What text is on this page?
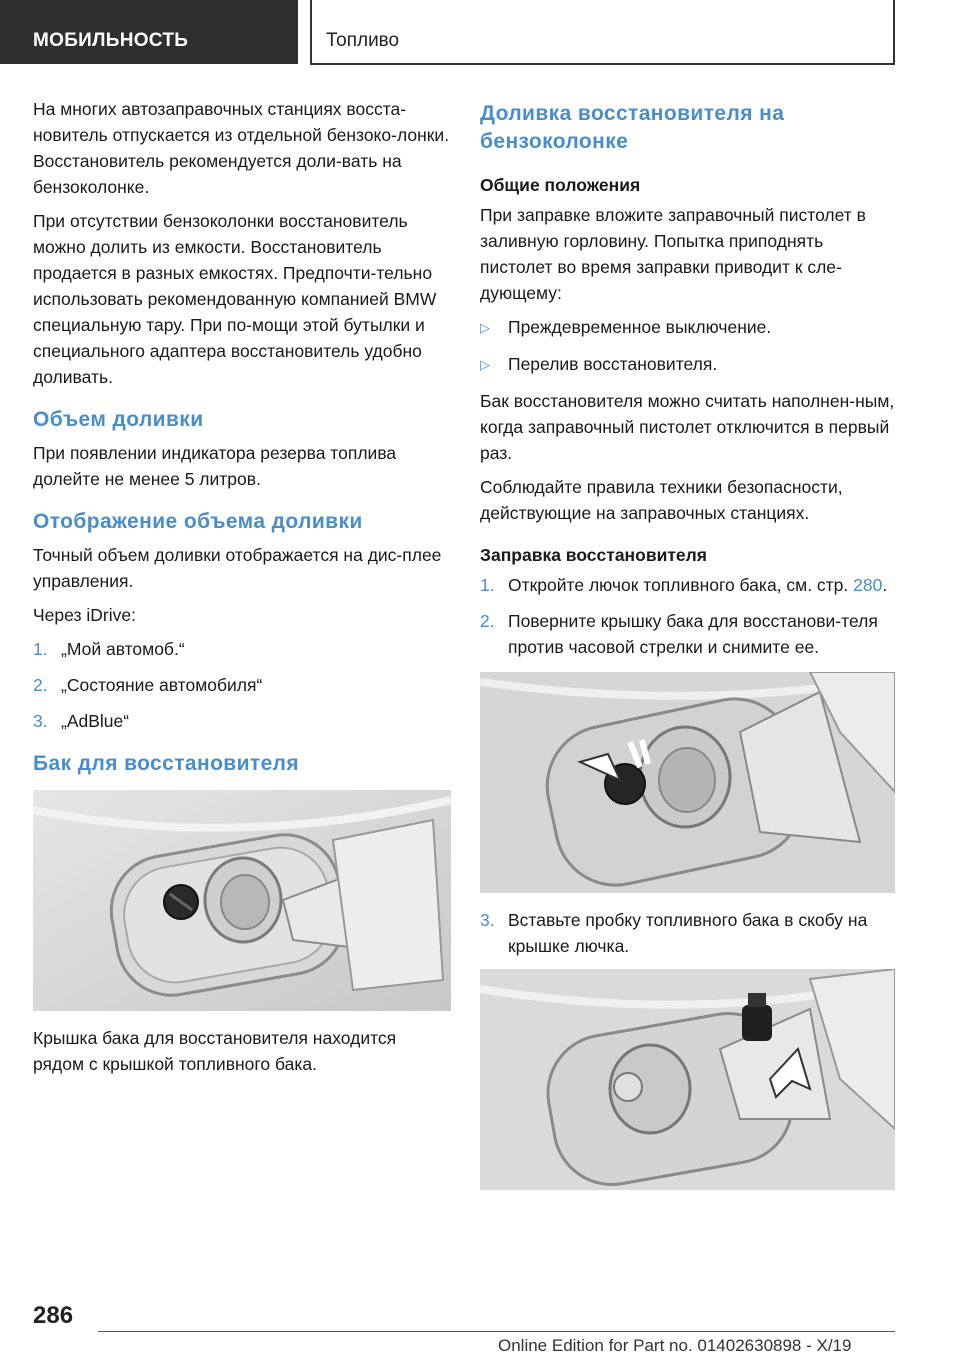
МОБИЛЬНОСТЬ	Топливо

На многих автозаправочных станциях восста-новитель отпускается из отдельной бензоко-лонки. Восстановитель рекомендуется доли-вать на бензоколонке.

При отсутствии бензоколонки восстановитель можно долить из емкости. Восстановитель продается в разных емкостях. Предпочти-тельно использовать рекомендованную компанией BMW специальную тару. При по-мощи этой бутылки и специального адаптера восстановитель удобно доливать.

Объем доливки

При появлении индикатора резерва топлива долейте не менее 5 литров.

Отображение объема доливки

Точный объем доливки отображается на дис-плее управления.

Через iDrive:

1. „Мой автомоб.“
2. „Состояние автомобиля“
3. „AdBlue“
Бак для восстановителя

Крышка бака для восстановителя находится рядом с крышкой топливного бака.

Доливка восстановителя на бензоколонке
Общие положения

При заправке вложите заправочный пистолет в заливную горловину. Попытка приподнять пистолет во время заправки приводит к сле-дующему:

▷	Преждевременное выключение.
▷	Перелив восстановителя.

Бак восстановителя можно считать наполнен-ным, когда заправочный пистолет отключится в первый раз.

Соблюдайте правила техники безопасности, действующие на заправочных станциях.

Заправка восстановителя
1. Откройте лючок топливного бака, см. стр. 280.
2. Поверните крышку бака для восстанови-теля против часовой стрелки и снимите ее.
3. Вставьте пробку топливного бака в скобу на крышке лючка.
286
Online Edition for Part no. 01402630898 - X/19
